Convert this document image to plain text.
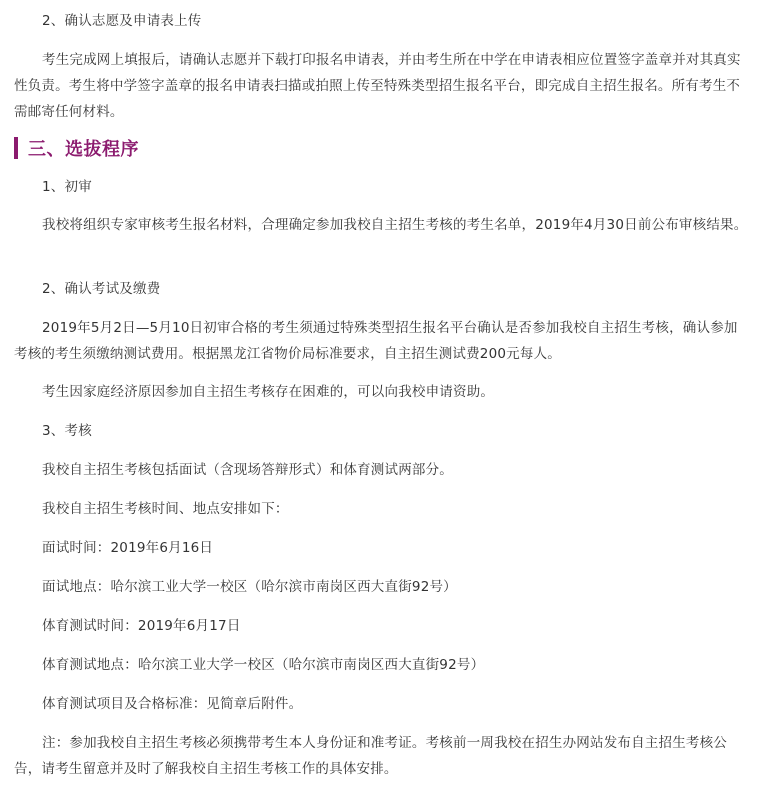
2、确认志愿及申请表上传

考生完成网上填报后，请确认志愿并下载打印报名申请表，并由考生所在中学在申请表相应位置签字盖章并对其真实性负责。考生将中学签字盖章的报名申请表扫描或拍照上传至特殊类型招生报名平台，即完成自主招生报名。所有考生不需邮寄任何材料。

三、选拔程序

1、初审

我校将组织专家审核考生报名材料，合理确定参加我校自主招生考核的考生名单，2019年4月30日前公布审核结果。

2、确认考试及缴费

2019年5月2日—5月10日初审合格的考生须通过特殊类型招生报名平台确认是否参加我校自主招生考核，确认参加考核的考生须缴纳测试费用。根据黑龙江省物价局标准要求，自主招生测试费200元每人。

考生因家庭经济原因参加自主招生考核存在困难的，可以向我校申请资助。

3、考核

我校自主招生考核包括面试（含现场答辩形式）和体育测试两部分。

我校自主招生考核时间、地点安排如下：

面试时间：2019年6月16日

面试地点：哈尔滨工业大学一校区（哈尔滨市南岗区西大直街92号）

体育测试时间：2019年6月17日

体育测试地点：哈尔滨工业大学一校区（哈尔滨市南岗区西大直街92号）

体育测试项目及合格标准：见简章后附件。

注：参加我校自主招生考核必须携带考生本人身份证和准考证。考核前一周我校在招生办网站发布自主招生考核公告，请考生留意并及时了解我校自主招生考核工作的具体安排。
